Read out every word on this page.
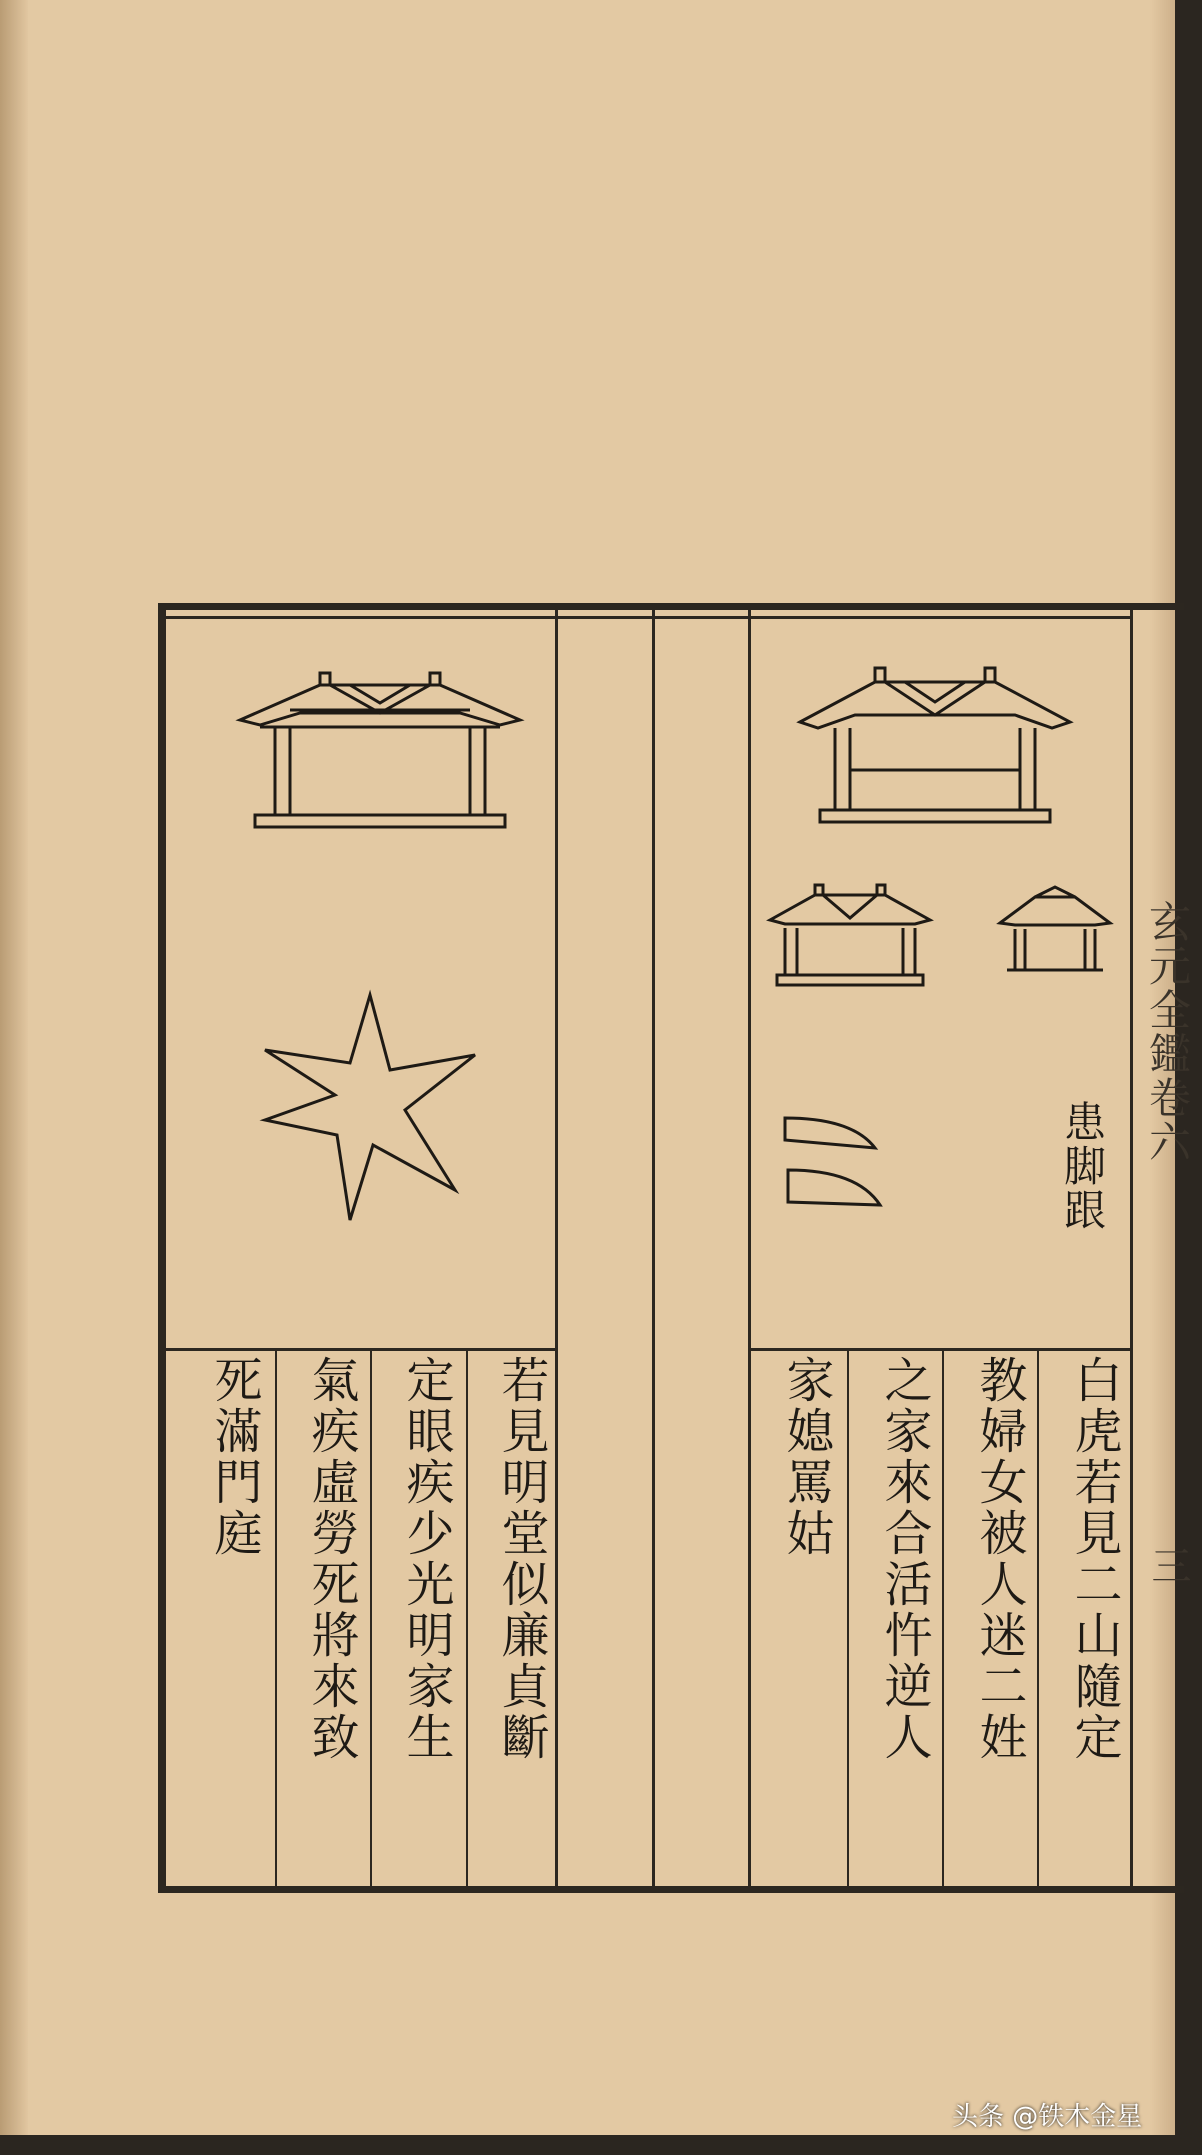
玄元全鑑卷六
三
患脚跟
白虎若見二山隨定
教婦女被人迷二姓
之家來合活忤逆人
家媳罵姑
若見明堂似廉貞斷
定眼疾少光明家生
氣疾虛勞死將來致
死滿門庭
头条 @铁木金星
